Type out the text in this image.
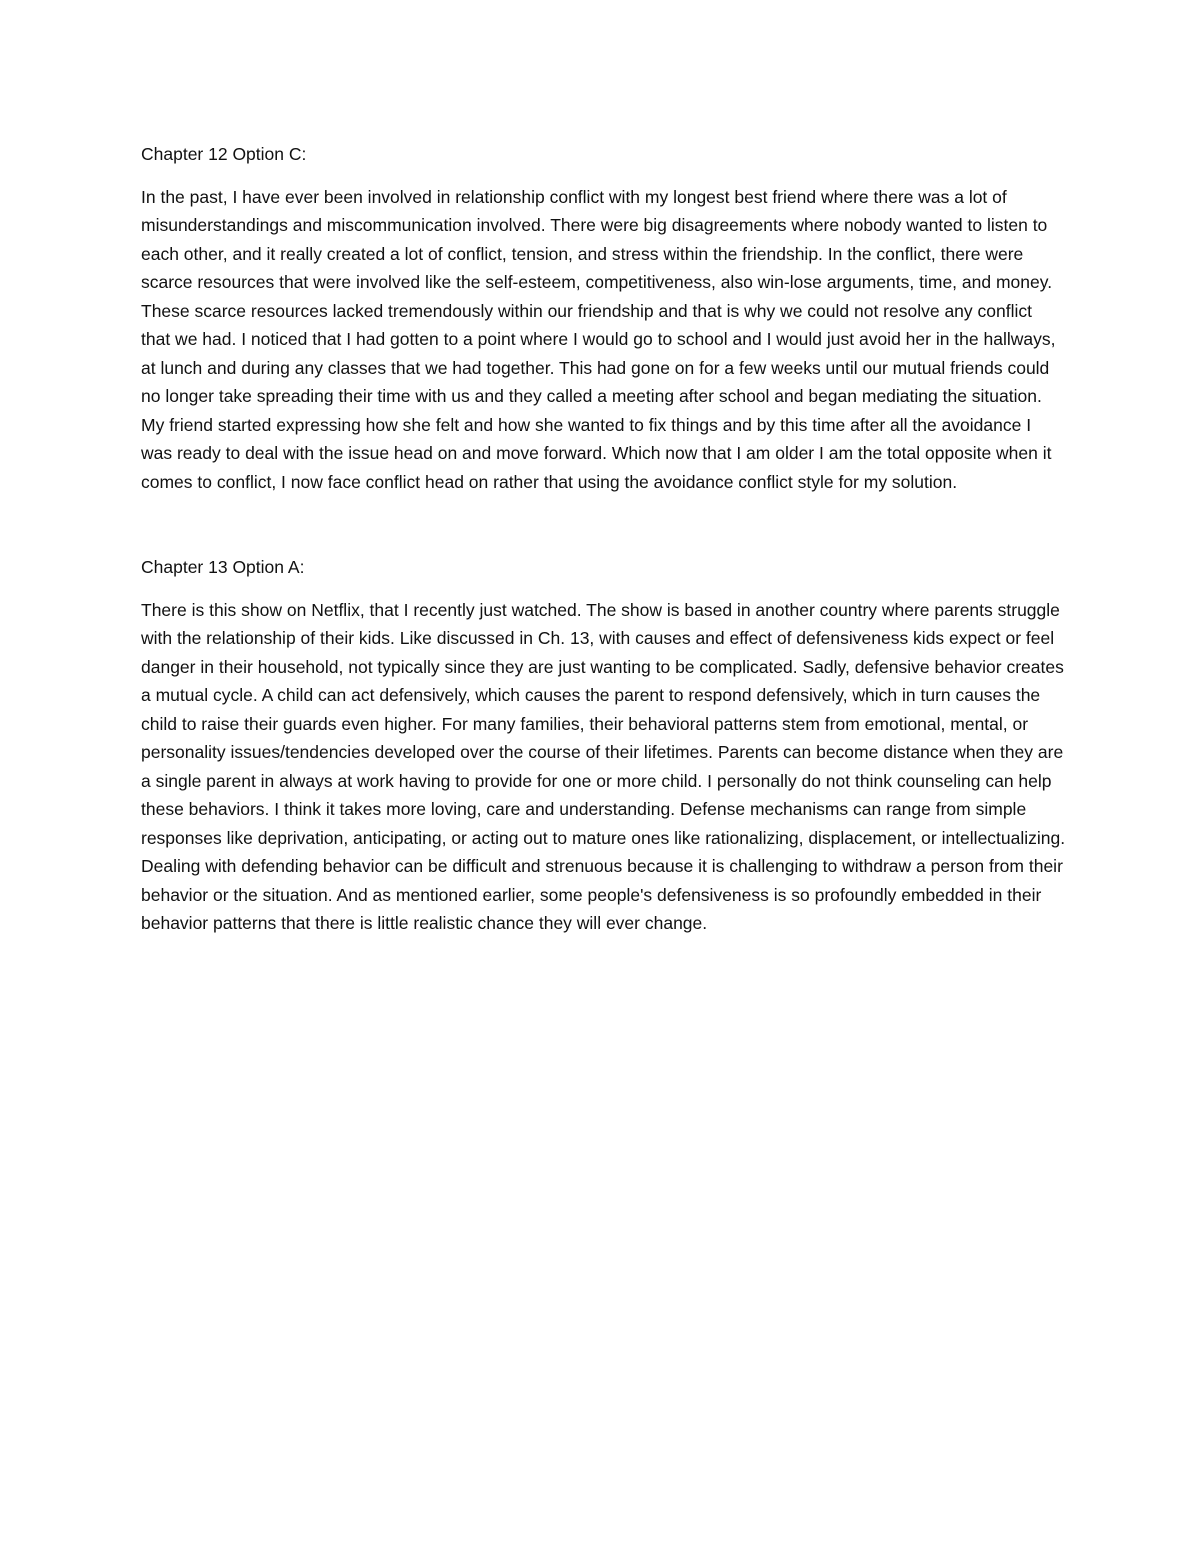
Chapter 12 Option C:

In the past, I have ever been involved in relationship conflict with my longest best friend where there was a lot of misunderstandings and miscommunication involved. There were big disagreements where nobody wanted to listen to each other, and it really created a lot of conflict, tension, and stress within the friendship. In the conflict, there were scarce resources that were involved like the self-esteem, competitiveness, also win-lose arguments, time, and money. These scarce resources lacked tremendously within our friendship and that is why we could not resolve any conflict that we had. I noticed that I had gotten to a point where I would go to school and I would just avoid her in the hallways, at lunch and during any classes that we had together. This had gone on for a few weeks until our mutual friends could no longer take spreading their time with us and they called a meeting after school and began mediating the situation. My friend started expressing how she felt and how she wanted to fix things and by this time after all the avoidance I was ready to deal with the issue head on and move forward. Which now that I am older I am the total opposite when it comes to conflict, I now face conflict head on rather that using the avoidance conflict style for my solution.

Chapter 13 Option A:

There is this show on Netflix, that I recently just watched. The show is based in another country where parents struggle with the relationship of their kids. Like discussed in Ch. 13, with causes and effect of defensiveness kids expect or feel danger in their household, not typically since they are just wanting to be complicated. Sadly, defensive behavior creates a mutual cycle. A child can act defensively, which causes the parent to respond defensively, which in turn causes the child to raise their guards even higher. For many families, their behavioral patterns stem from emotional, mental, or personality issues/tendencies developed over the course of their lifetimes. Parents can become distance when they are a single parent in always at work having to provide for one or more child. I personally do not think counseling can help these behaviors. I think it takes more loving, care and understanding. Defense mechanisms can range from simple responses like deprivation, anticipating, or acting out to mature ones like rationalizing, displacement, or intellectualizing. Dealing with defending behavior can be difficult and strenuous because it is challenging to withdraw a person from their behavior or the situation. And as mentioned earlier, some people's defensiveness is so profoundly embedded in their behavior patterns that there is little realistic chance they will ever change.
